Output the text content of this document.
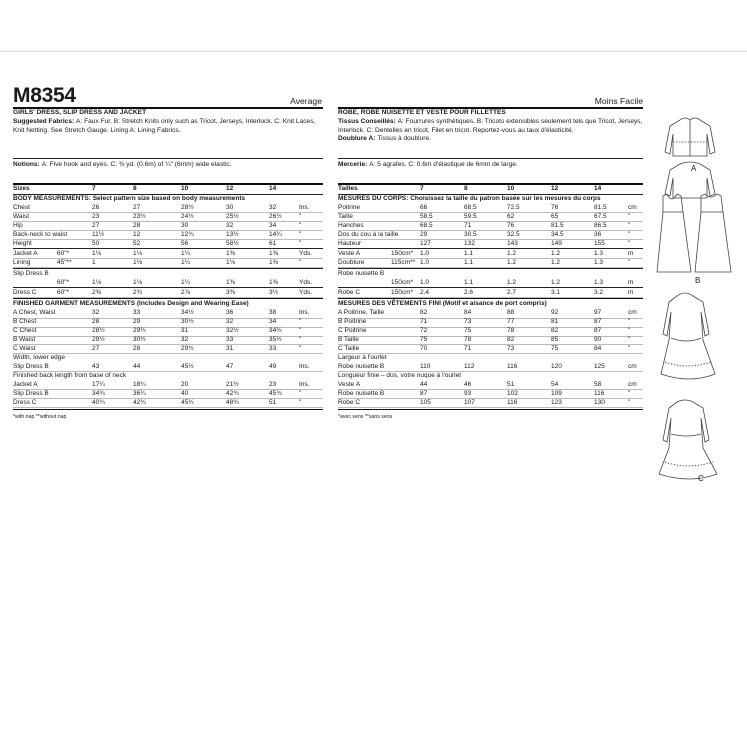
M8354	Average	Moins Facile
GIRLS' DRESS, SLIP DRESS AND JACKET
Suggested Fabrics: A: Faux Fur. B: Stretch Knits only such as Tricot, Jerseys, Interlock. C: Knit Laces, Knit Netting. See Stretch Gauge. Lining A: Lining Fabrics.
Notions: A: Five hook and eyes. C: ⅜ yd. (0.6m) of ¼" (6mm) wide elastic.
Sizes	7	8	10	12	14
BODY MEASUREMENTS: Select pattern size based on body measurements
Chest	26	27	28½	30	32	Ins.
Waist	23	23½	24½	25½	26½	"
Hip	27	28	30	32	34	"
Back-neck to waist	11½	12	12¾	13½	14¼	"
Height	50	52	56	58½	61	"
Jacket A	60"*	1⅛	1⅛	1¼	1⅜	1⅜	Yds.
Lining	45"**	1	1⅛	1¼	1⅛	1⅜	"
Slip Dress B
60"*	1⅛	1⅛	1¼	1⅜	1⅜	Yds.
Dress C	60"*	2⅝	2¾	2⅞	3⅜	3½	Yds.
FINISHED GARMENT MEASUREMENTS (Includes Design and Wearing Ease)
A Chest, Waist	32	33	34½	36	38	Ins.
B Chest	28	29	30½	32	34	"
C Chest	28½	29½	31	32½	34½	"
B Waist	29½	30½	32	33	35½	"
C Waist	27	28	29½	31	33	"
Width, lower edge
Slip Dress B	43	44	45½	47	49	Ins.
Finished back length from base of neck
Jacket A	17¼	18¼	20	21½	23	Ins.
Slip Dress B	34¾	36¼	40	42¾	45¾	"
Dress C	40¾	42¾	45½	48¾	51	"
*with nap **without nap
ROBE, ROBE NUISETTE ET VESTE POUR FILLETTES
Tissus Conseillés: A: Fourrures synthétiques. B: Tricots extensibles seulement tels que Tricot, Jerseys, Interlock. C: Dentelles en tricot, Filet en tricot. Reportez-vous au taux d'élasticité.
Doublure A: Tissus à doublure.
Mercerie: A: 5 agrafes. C: 0.6m d'élastique de 6mm de large.
Tailles	7	8	10	12	14
MESURES DU CORPS: Choisissez la taille du patron basée sur les mesures du corps
Poitrine	66	68.5	72.5	76	81.5	cm
Taille	58.5	59.5	62	65	67.5	"
Hanches	68.5	71	76	81.5	86.5	"
Dos du cou à la taille	29	30.5	32.5	34.5	36	"
Hauteur	127	132	143	149	155	"
Veste A	150cm* 1.0	1.1	1.2	1.2	1.3	m
Doublure	115cm** 1.0	1.1	1.2	1.2	1.3	"
Robe nuisette B
150cm* 1.0	1.1	1.2	1.2	1.3	m
Robe C	150cm* 2.4	2.6	2.7	3.1	3.2	m
MESURES DES VÊTEMENTS FINI (Motif et aisance de port compris)
A Poitrine, Taille	82	84	88	92	97	cm
B Poitrine	71	73	77	81	87	"
C Poitrine	72	75	78	82	87	"
B Taille	75	78	82	85	90	"
C Taille	70	71	73	75	84	"
Largeur à l'ourlet
Robe nuisette B	110	112	116	120	125	cm
Longueur finie – dos, votre nuque à l'ourlet
Veste A	44	46	51	54	58	cm
Robe nuisette B	87	93	102	109	116	"
Robe C	105	107	116	123	130	"
*avec sens **sans sens
A
B
C
